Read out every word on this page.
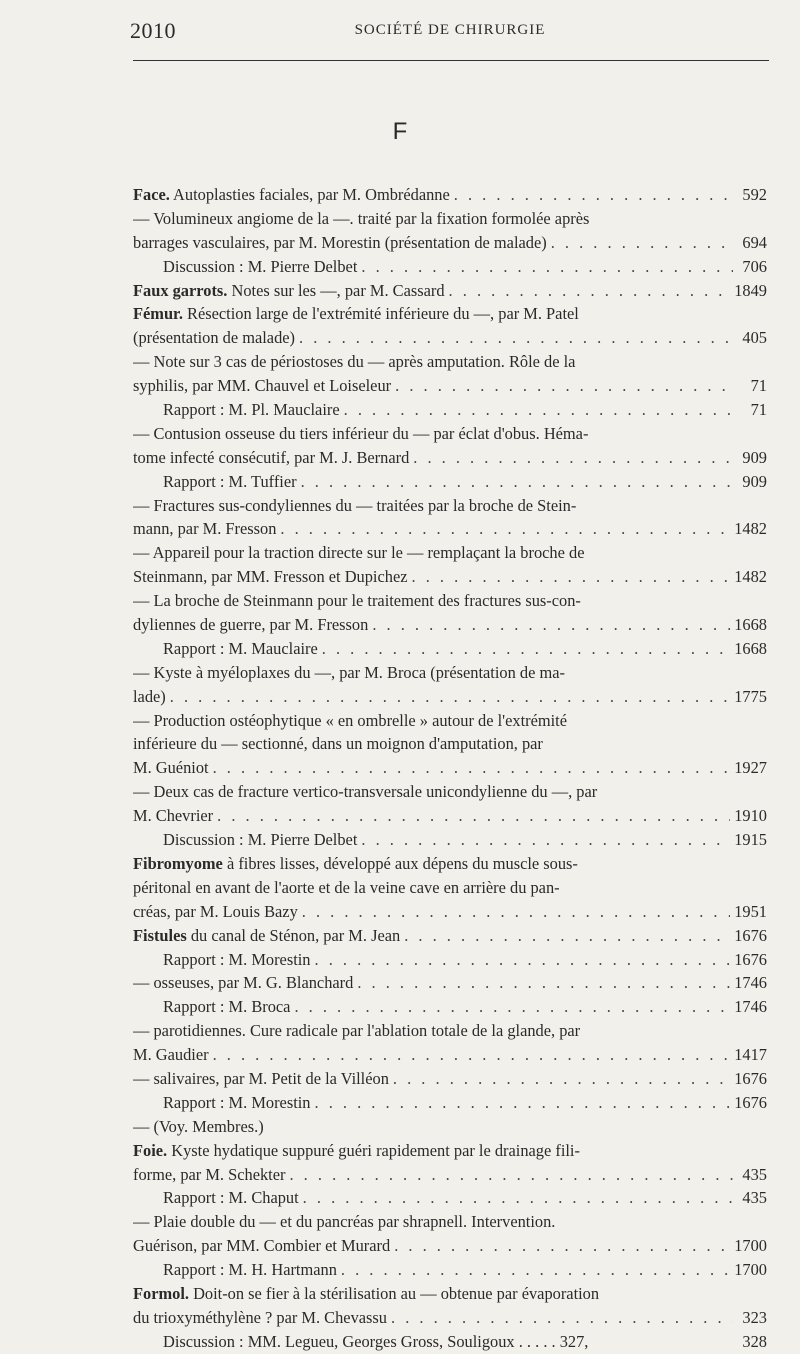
2010	SOCIÉTÉ DE CHIRURGIE
F
Face. Autoplasties faciales, par M. Ombrédanne . . .	592
— Volumineux angiome de la —. traité par la fixation formolée après
barrages vasculaires, par M. Morestin (présentation de malade) . . .	694
Discussion : M. Pierre Delbet . . .	706
Faux garrots. Notes sur les —, par M. Cassard . . .	1849
Fémur. Résection large de l'extrémité inférieure du —, par M. Patel
(présentation de malade) . . .	405
— Note sur 3 cas de périostoses du — après amputation. Rôle de la
syphilis, par MM. Chauvel et Loiseleur . . .	71
Rapport : M. Pl. Mauclaire . . .	71
— Contusion osseuse du tiers inférieur du — par éclat d'obus. Héma-
tome infecté consécutif, par M. J. Bernard . . .	909
Rapport : M. Tuffier . . .	909
— Fractures sus-condyliennes du — traitées par la broche de Stein-
mann, par M. Fresson . . .	1482
— Appareil pour la traction directe sur le — remplaçant la broche de
Steinmann, par MM. Fresson et Dupichez . . .	1482
— La broche de Steinmann pour le traitement des fractures sus-con-
dyliennes de guerre, par M. Fresson . . .	1668
Rapport : M. Mauclaire . . .	1668
— Kyste à myéloplaxes du —, par M. Broca (présentation de ma-
lade) . . .	1775
— Production ostéophytique « en ombrelle » autour de l'extrémité
inférieure du — sectionné, dans un moignon d'amputation, par
M. Guéniot . . .	1927
— Deux cas de fracture vertico-transversale unicondylienne du —, par
M. Chevrier . . .	1910
Discussion : M. Pierre Delbet . . .	1915
Fibromyome à fibres lisses, développé aux dépens du muscle sous-
péritonal en avant de l'aorte et de la veine cave en arrière du pan-
créas, par M. Louis Bazy . . .	1951
Fistules du canal de Sténon, par M. Jean . . .	1676
Rapport : M. Morestin . . .	1676
— osseuses, par M. G. Blanchard . . .	1746
Rapport : M. Broca . . .	1746
— parotidiennes. Cure radicale par l'ablation totale de la glande, par
M. Gaudier . . .	1417
— salivaires, par M. Petit de la Villéon . . .	1676
Rapport : M. Morestin . . .	1676
— (Voy. Membres.)
Foie. Kyste hydatique suppuré guéri rapidement par le drainage fili-
forme, par M. Schekter . . .	435
Rapport : M. Chaput . . .	435
— Plaie double du — et du pancréas par shrapnell. Intervention.
Guérison, par MM. Combier et Murard . . .	1700
Rapport : M. H. Hartmann . . .	1700
Formol. Doit-on se fier à la stérilisation au — obtenue par évaporation
du trioxyméthylène ? par M. Chevassu . . .	323
Discussion : MM. Legueu, Georges Gross, Souligoux . . . . . 327,	328
